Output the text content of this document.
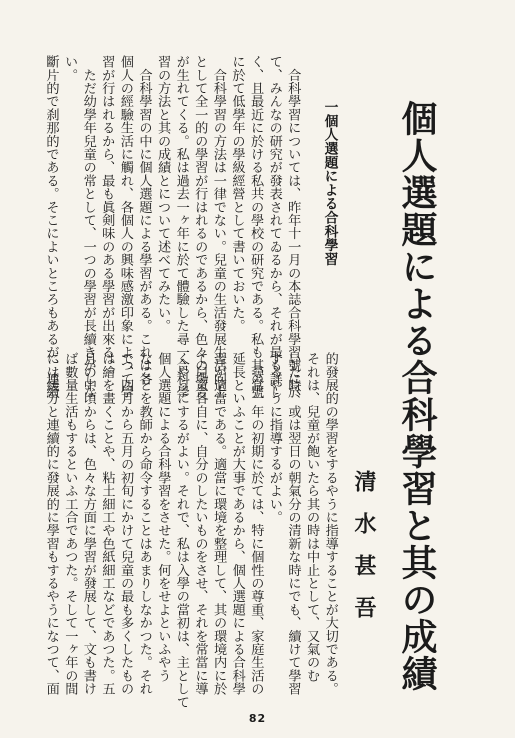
個人選題による合科學習と其の成績
清水甚吾
一個人選題による合科學習
　合科學習については、昨年十一月の本誌合科學習號に於
て、みんなの研究が發表されてゐるから、それが最も詳し
く、且最近に於ける私共の學校の研究である。私も其の號
に於て低學年の學級經營として書いておいた。
　合科學習の方法は一律でない。兒童の生活發展生活向上
として全一的の學習が行はれるのであるから、色々の場合
が生れてくる。私は過去一ヶ年に於て體驗した尋一合科學
習の方法と其の成績とについて述べてみたい。
　合科學習の中に個人選題による學習がある。これは各
個人の經驗生活に觸れ、各個人の興味感激印象によつて學
習が行はれるから、最も眞剣味のある學習が出來る。
　ただ幼學年兒童の常として、一つの學習が長續きがしな
い。
斷片的で刹那的である。そこによいところもあるが、連續
的發展的の學習をするやうに指導することが大切である。
それは、兒童が飽いたら其の時は中止として、又氣のむ
いた時、或は翌日の朝氣分の清新な時にでも、續けて學習
するやうに指導するがよい。
　尋常一年の初期に於ては、特に個性の尊重、家庭生活の
延長といふことが大事であるから、個人選題による合科學
習が適當である。適當に環境を整理して、其の環境内に於
て兒童各自に、自分のしたいものをさせ、それを常當に導
くやうにするがよい。それで、私は入學の當初は、主として
個人選題による合科學習をさせた。何をせよといふやう
なことを教師から命令することはあまりしなかつた。それ
で、四月から五月の初旬にかけて兒童の最も多くしたもの
は繪を畫くことや、粘土細工や色紙細工などであつた。五
月の中頃からは、色々な方面に學習が發展して、文も書け
ば數量生活もするといふ工合であつた。そして一ヶ年の間
には緩分と連續的に發展的に學習もするやうになつて、面
82
